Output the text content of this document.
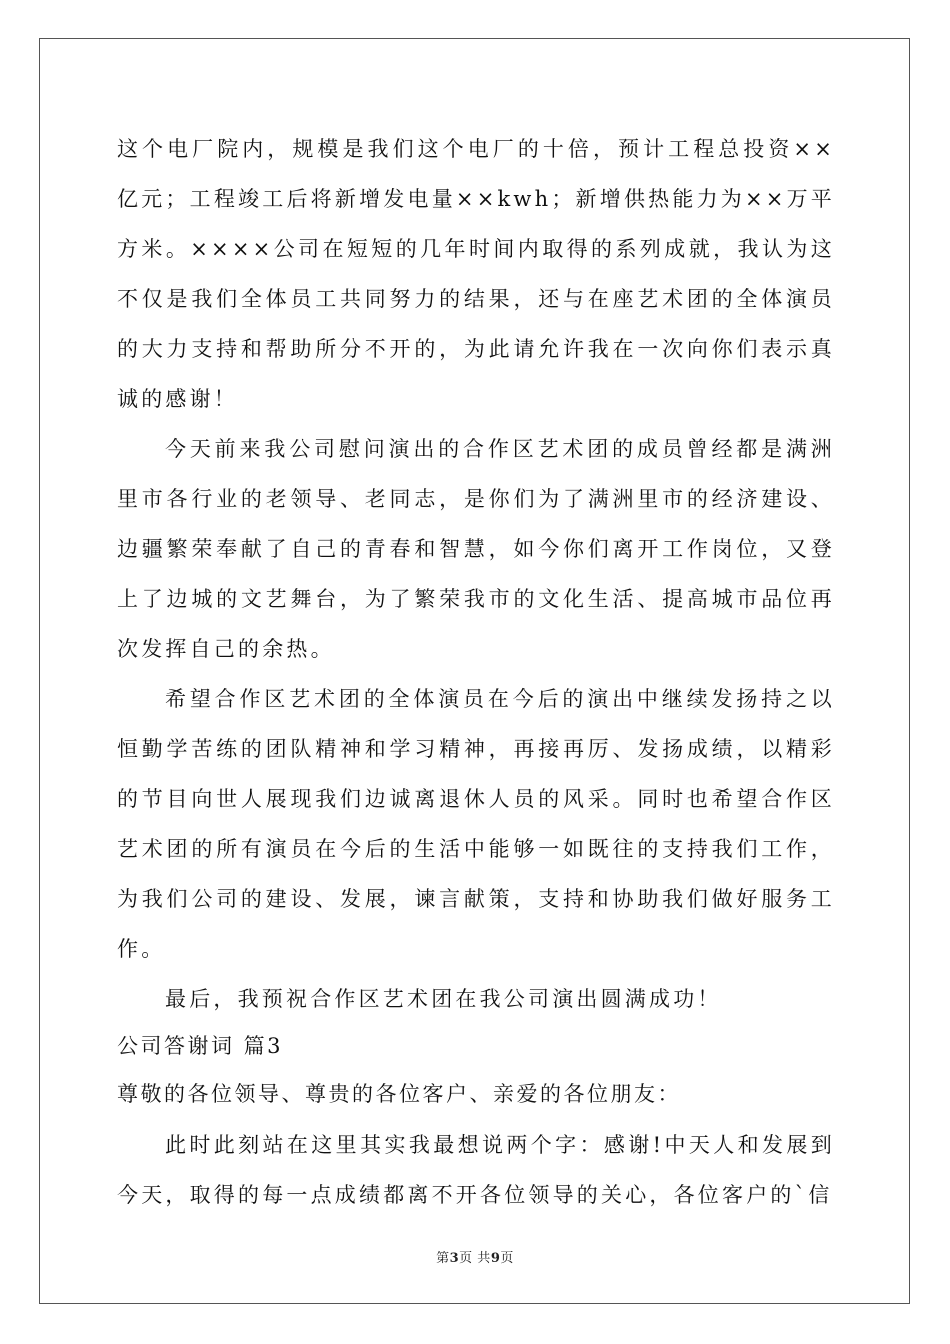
这个电厂院内，规模是我们这个电厂的十倍，预计工程总投资××亿元；工程竣工后将新增发电量××kwh；新增供热能力为××万平方米。××××公司在短短的几年时间内取得的系列成就，我认为这不仅是我们全体员工共同努力的结果，还与在座艺术团的全体演员的大力支持和帮助所分不开的，为此请允许我在一次向你们表示真诚的感谢！

今天前来我公司慰问演出的合作区艺术团的成员曾经都是满洲里市各行业的老领导、老同志，是你们为了满洲里市的经济建设、边疆繁荣奉献了自己的青春和智慧，如今你们离开工作岗位，又登上了边城的文艺舞台，为了繁荣我市的文化生活、提高城市品位再次发挥自己的余热。

希望合作区艺术团的全体演员在今后的演出中继续发扬持之以恒勤学苦练的团队精神和学习精神，再接再厉、发扬成绩，以精彩的节目向世人展现我们边诚离退休人员的风采。同时也希望合作区艺术团的所有演员在今后的生活中能够一如既往的支持我们工作，为我们公司的建设、发展，谏言献策，支持和协助我们做好服务工作。

最后，我预祝合作区艺术团在我公司演出圆满成功！

公司答谢词 篇3

尊敬的各位领导、尊贵的各位客户、亲爱的各位朋友：

此时此刻站在这里其实我最想说两个字：感谢!中天人和发展到今天，取得的每一点成绩都离不开各位领导的关心，各位客户的`信

第3页 共9页
